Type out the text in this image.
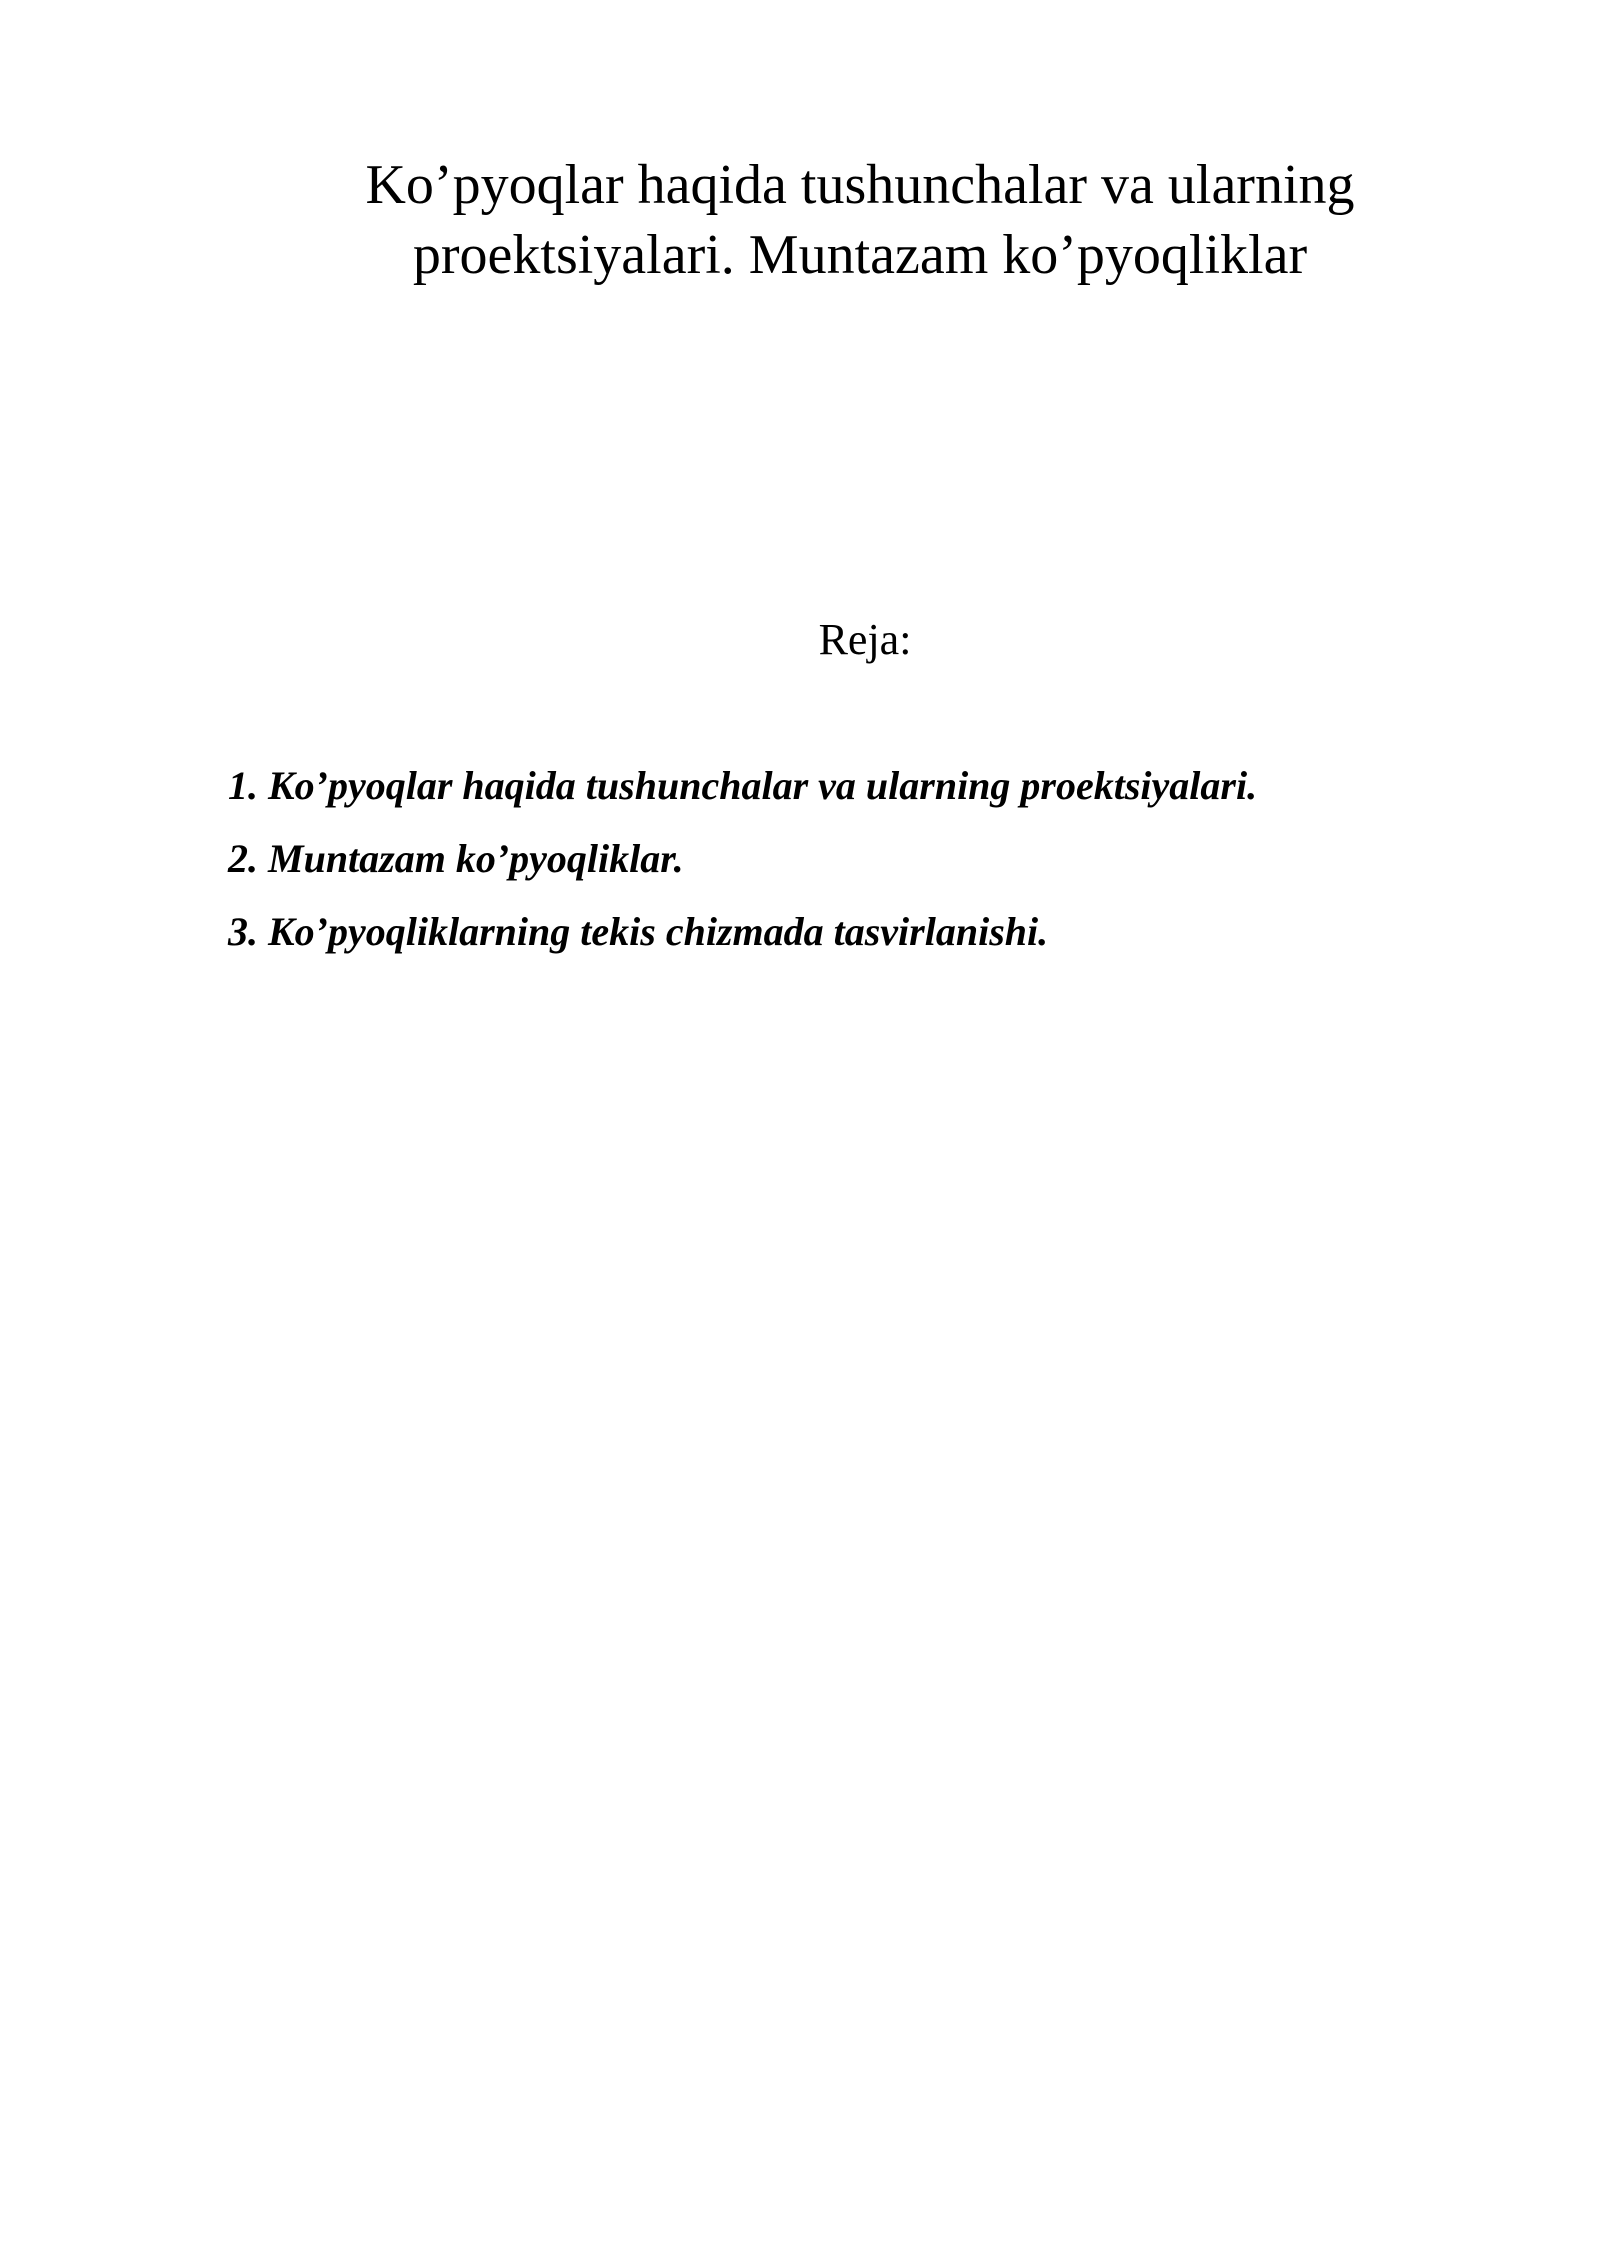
Ko’pyoqlar haqida tushunchalar va ularning
proektsiyalari. Muntazam ko’pyoqliklar

Reja:

1. Ko’pyoqlar haqida tushunchalar va ularning proektsiyalari.
2. Muntazam ko’pyoqliklar.
3. Ko’pyoqliklarning tekis chizmada tasvirlanishi.
